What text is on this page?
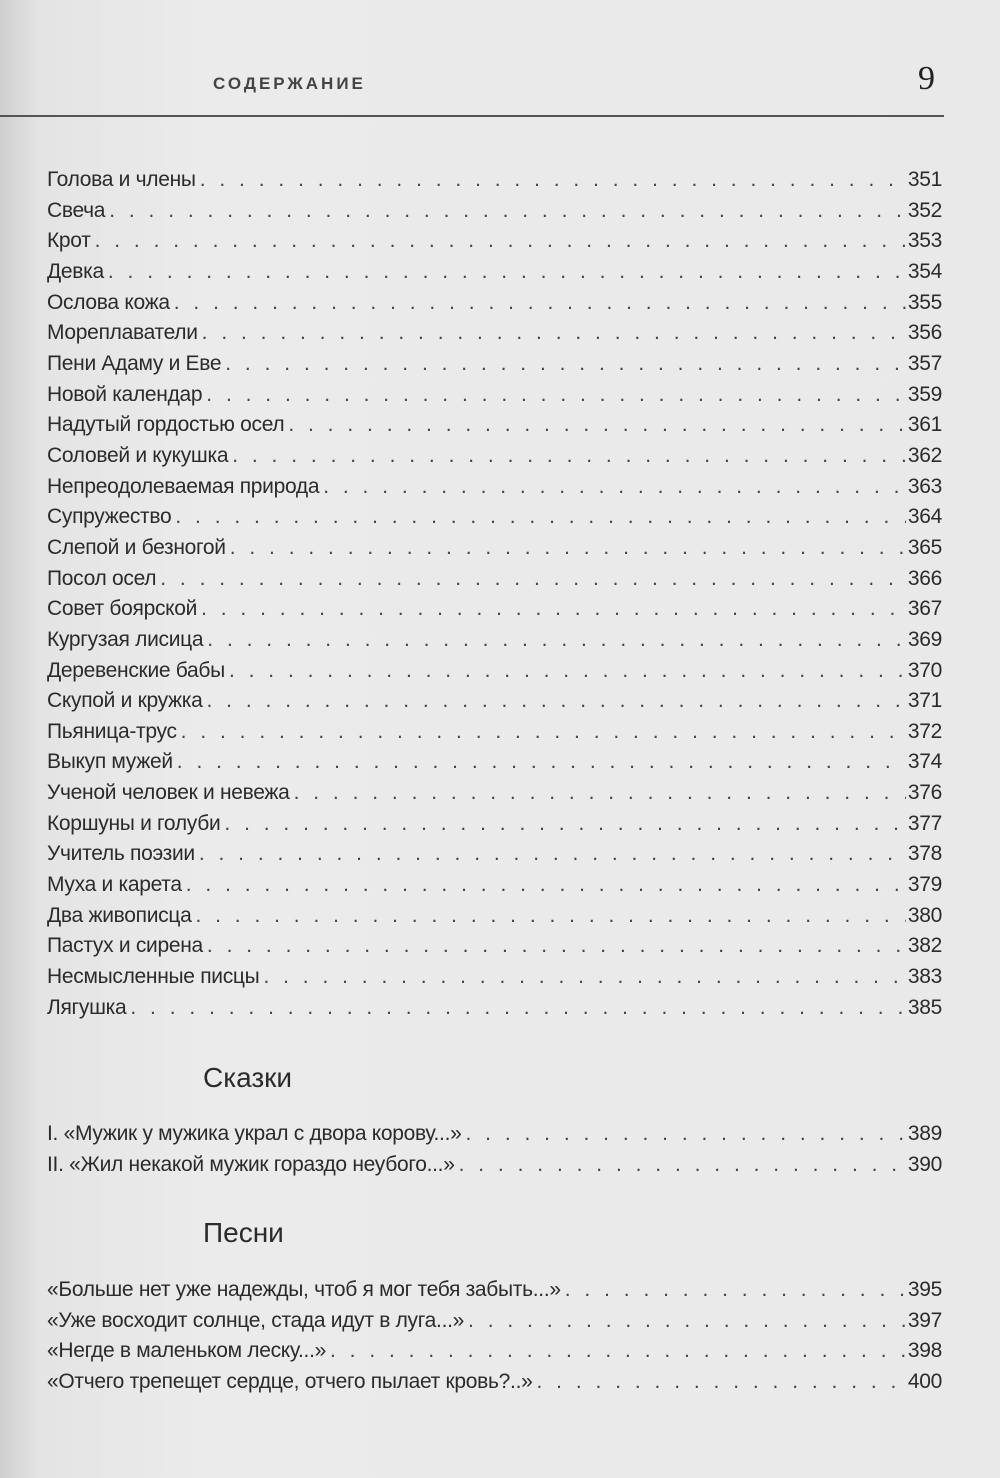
СОДЕРЖАНИЕ	9
Голова и члены . . .	351
Свеча . . .	352
Крот . . .	353
Девка . . .	354
Ослова кожа . . .	355
Мореплаватели . . .	356
Пени Адаму и Еве . . .	357
Новой календар . . .	359
Надутый гордостью осел . . .	361
Соловей и кукушка . . .	362
Непреодолеваемая природа . . .	363
Супружество . . .	364
Слепой и безногой . . .	365
Посол осел . . .	366
Совет боярской . . .	367
Кургузая лисица . . .	369
Деревенские бабы . . .	370
Скупой и кружка . . .	371
Пьяница-трус . . .	372
Выкуп мужей . . .	374
Ученой человек и невежа . . .	376
Коршуны и голуби . . .	377
Учитель поэзии . . .	378
Муха и карета . . .	379
Два живописца . . .	380
Пастух и сирена . . .	382
Несмысленные писцы . . .	383
Лягушка . . .	385
Сказки
I. «Мужик у мужика украл с двора корову...» . . .	389
II. «Жил некакой мужик гораздо неубого...» . . .	390
Песни
«Больше нет уже надежды, чтоб я мог тебя забыть...» . . .	395
«Уже восходит солнце, стада идут в луга...» . . .	397
«Негде в маленьком леску...» . . .	398
«Отчего трепещет сердце, отчего пылает кровь?..» . . .	400
